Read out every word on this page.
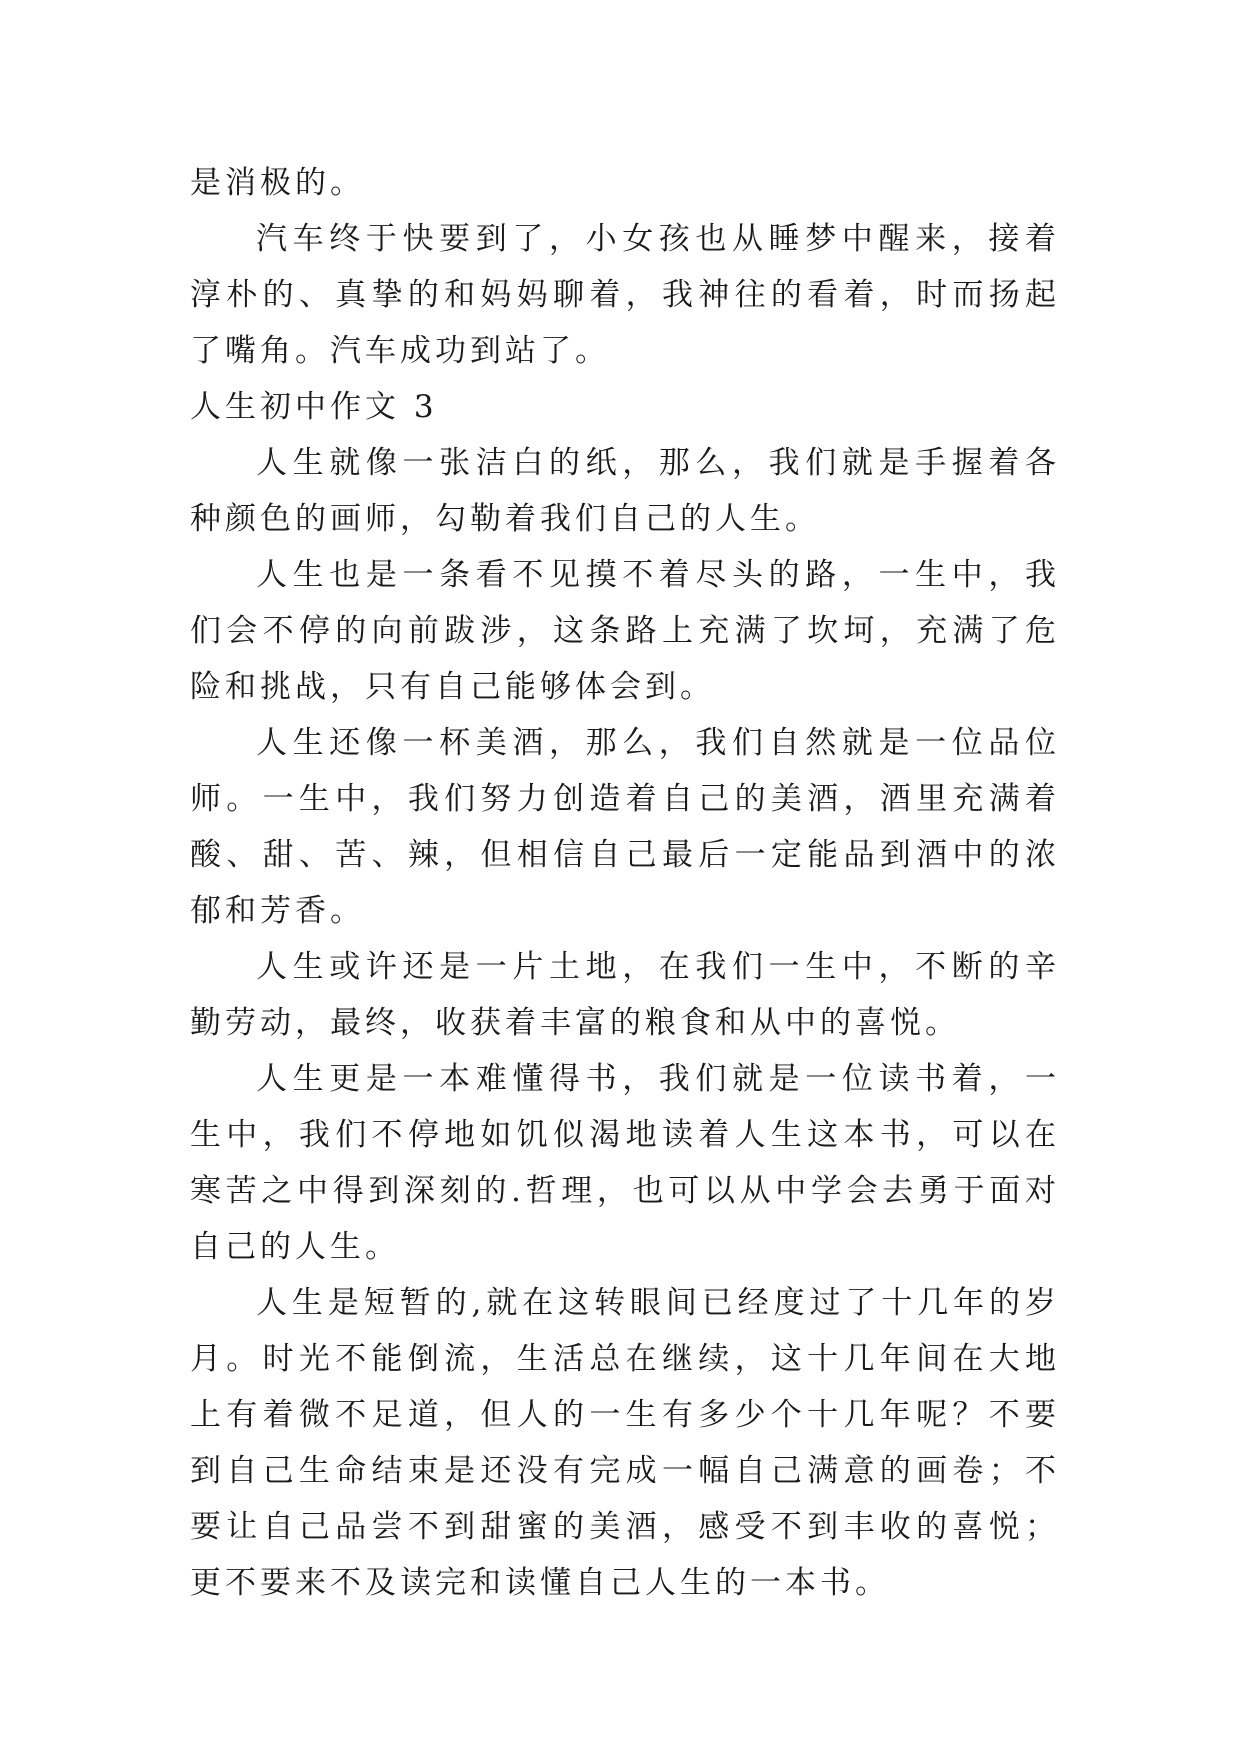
是消极的。

汽车终于快要到了，小女孩也从睡梦中醒来，接着淳朴的、真挚的和妈妈聊着，我神往的看着，时而扬起了嘴角。汽车成功到站了。

人生初中作文 3

人生就像一张洁白的纸，那么，我们就是手握着各种颜色的画师，勾勒着我们自己的人生。

人生也是一条看不见摸不着尽头的路，一生中，我们会不停的向前跋涉，这条路上充满了坎坷，充满了危险和挑战，只有自己能够体会到。

人生还像一杯美酒，那么，我们自然就是一位品位师。一生中，我们努力创造着自己的美酒，酒里充满着酸、甜、苦、辣，但相信自己最后一定能品到酒中的浓郁和芳香。

人生或许还是一片土地，在我们一生中，不断的辛勤劳动，最终，收获着丰富的粮食和从中的喜悦。

人生更是一本难懂得书，我们就是一位读书着，一生中，我们不停地如饥似渴地读着人生这本书，可以在寒苦之中得到深刻的.哲理，也可以从中学会去勇于面对自己的人生。

人生是短暂的,就在这转眼间已经度过了十几年的岁月。时光不能倒流，生活总在继续，这十几年间在大地上有着微不足道，但人的一生有多少个十几年呢？不要到自己生命结束是还没有完成一幅自己满意的画卷；不要让自己品尝不到甜蜜的美酒，感受不到丰收的喜悦；更不要来不及读完和读懂自己人生的一本书。
